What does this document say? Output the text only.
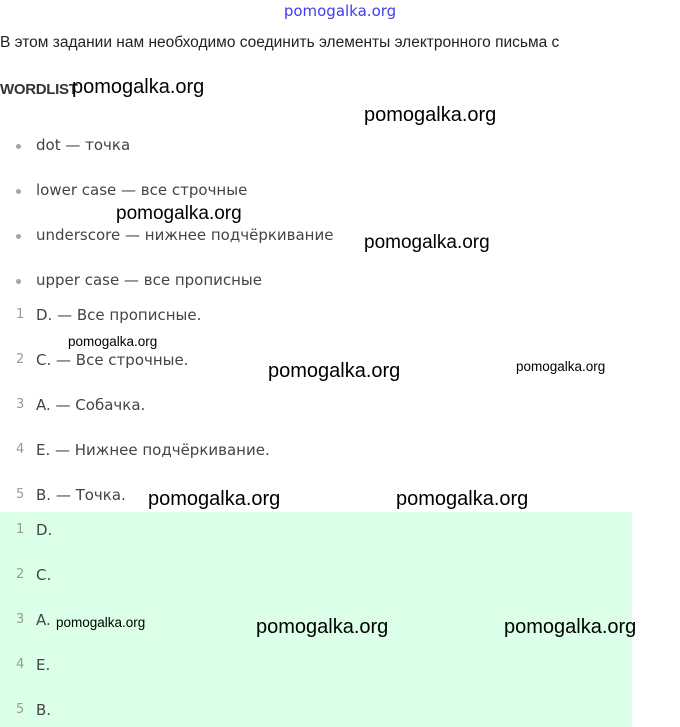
pomogalka.org
В этом задании нам необходимо соединить элементы электронного письма с
WORDLIST
dot — точка
lower case — все строчные
underscore — нижнее подчёркивание
upper case — все прописные
1 D. — Все прописные.
2 C. — Все строчные.
3 A. — Собачка.
4 E. — Нижнее подчёркивание.
5 B. — Точка.
1 D.
2 C.
3 A.
4 E.
5 B.
pomogalka.org
pomogalka.org
pomogalka.org
pomogalka.org
pomogalka.org
pomogalka.org	pomogalka.org
pomogalka.org	pomogalka.org
pomogalka.org	pomogalka.org	pomogalka.org
